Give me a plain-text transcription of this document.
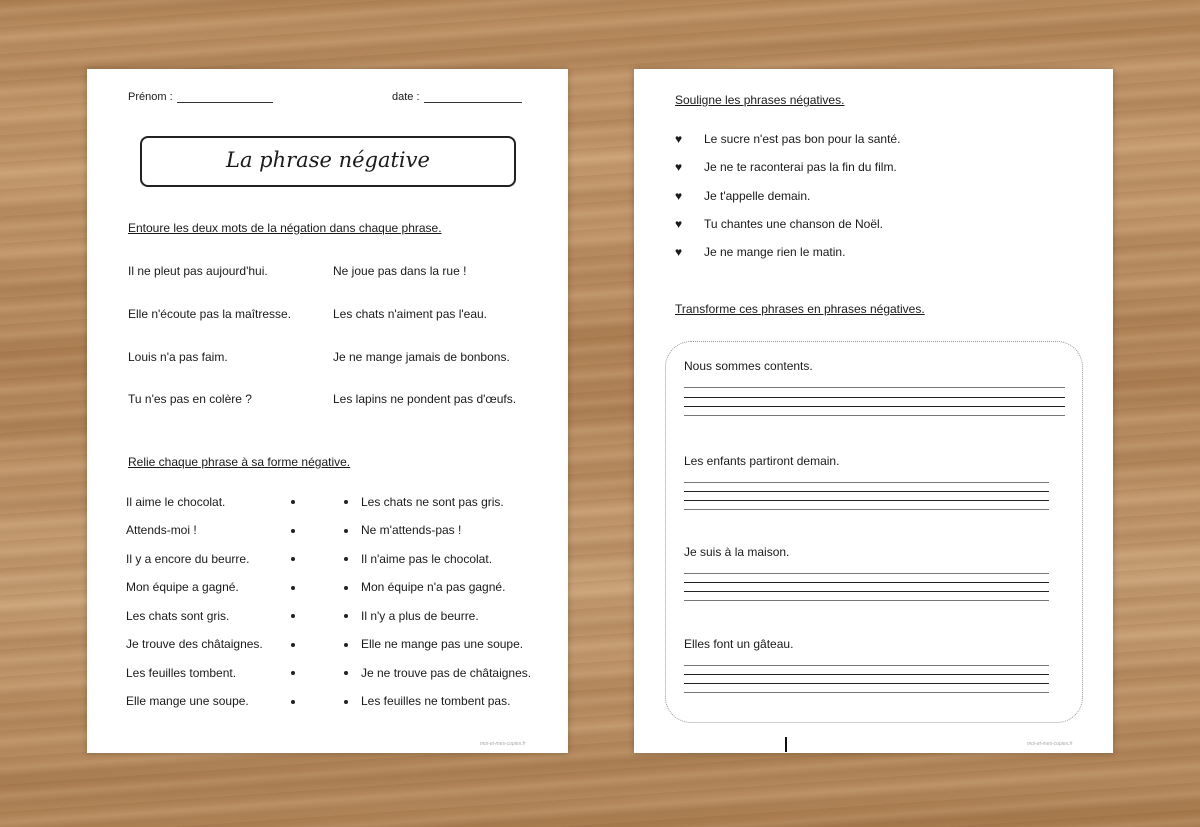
Prénom :	date :
La phrase négative
Entoure les deux mots de la négation dans chaque phrase.
Il ne pleut pas aujourd'hui.
Elle n'écoute pas la maîtresse.
Louis n'a pas faim.
Tu n'es pas en colère ?
Ne joue pas dans la rue !
Les chats n'aiment pas l'eau.
Je ne mange jamais de bonbons.
Les lapins ne pondent pas d'œufs.
Relie chaque phrase à sa forme négative.
Il aime le chocolat.
Attends-moi !
Il y a encore du beurre.
Mon équipe a gagné.
Les chats sont gris.
Je trouve des châtaignes.
Les feuilles tombent.
Elle mange une soupe.
Les chats ne sont pas gris.
Ne m'attends-pas !
Il n'aime pas le chocolat.
Mon équipe n'a pas gagné.
Il n'y a plus de beurre.
Elle ne mange pas une soupe.
Je ne trouve pas de châtaignes.
Les feuilles ne tombent pas.
moi-et-mes-copies.fr
Souligne les phrases négatives.
♥ Le sucre n'est pas bon pour la santé.
♥ Je ne te raconterai pas la fin du film.
♥ Je t'appelle demain.
♥ Tu chantes une chanson de Noël.
♥ Je ne mange rien le matin.
Transforme ces phrases en phrases négatives.
Nous sommes contents.
Les enfants partiront demain.
Je suis à la maison.
Elles font un gâteau.
moi-et-mes-copies.fr
